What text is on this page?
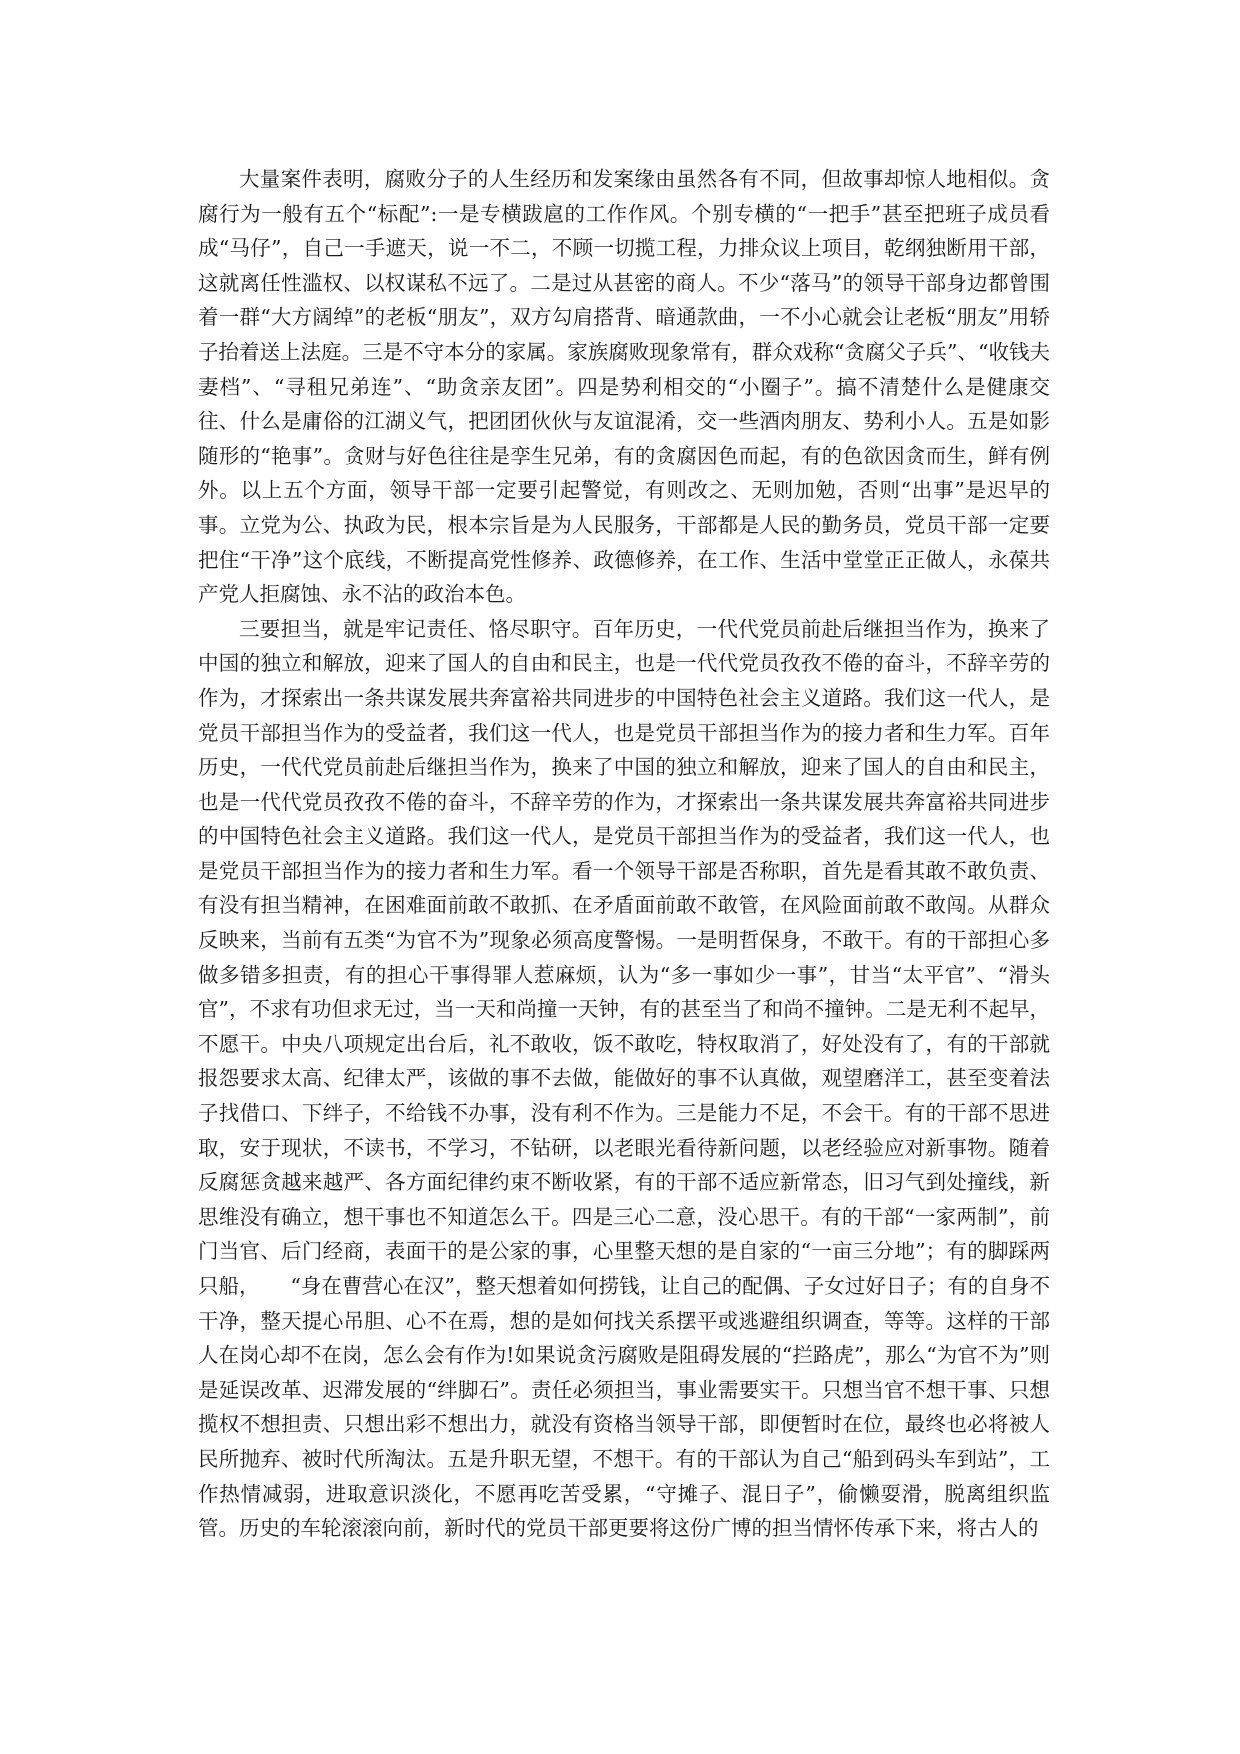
大量案件表明，腐败分子的人生经历和发案缘由虽然各有不同，但故事却惊人地相似。贪腐行为一般有五个“标配”:一是专横跋扈的工作作风。个别专横的“一把手”甚至把班子成员看成“马仔”，自己一手遮天，说一不二，不顾一切揽工程，力排众议上项目，乾纲独断用干部，这就离任性滥权、以权谋私不远了。二是过从甚密的商人。不少“落马”的领导干部身边都曾围着一群“大方阔绰”的老板“朋友”，双方勾肩搭背、暗通款曲，一不小心就会让老板“朋友”用轿子抬着送上法庭。三是不守本分的家属。家族腐败现象常有，群众戏称“贪腐父子兵”、“收钱夫妻档”、“寻租兄弟连”、“助贪亲友团”。四是势利相交的“小圈子”。搞不清楚什么是健康交往、什么是庸俗的江湖义气，把团团伙伙与友谊混淆，交一些酒肉朋友、势利小人。五是如影随形的“艳事”。贪财与好色往往是孪生兄弟，有的贪腐因色而起，有的色欲因贪而生，鲜有例外。以上五个方面，领导干部一定要引起警觉，有则改之、无则加勉，否则“出事”是迟早的事。立党为公、执政为民，根本宗旨是为人民服务，干部都是人民的勤务员，党员干部一定要把住“干净”这个底线，不断提高党性修养、政德修养，在工作、生活中堂堂正正做人，永葆共产党人拒腐蚀、永不沾的政治本色。

三要担当，就是牢记责任、恪尽职守。百年历史，一代代党员前赴后继担当作为，换来了中国的独立和解放，迎来了国人的自由和民主，也是一代代党员孜孜不倦的奋斗，不辞辛劳的作为，才探索出一条共谋发展共奔富裕共同进步的中国特色社会主义道路。我们这一代人，是党员干部担当作为的受益者，我们这一代人，也是党员干部担当作为的接力者和生力军。百年历史，一代代党员前赴后继担当作为，换来了中国的独立和解放，迎来了国人的自由和民主，也是一代代党员孜孜不倦的奋斗，不辞辛劳的作为，才探索出一条共谋发展共奔富裕共同进步的中国特色社会主义道路。我们这一代人，是党员干部担当作为的受益者，我们这一代人，也是党员干部担当作为的接力者和生力军。看一个领导干部是否称职，首先是看其敢不敢负责、有没有担当精神，在困难面前敢不敢抓、在矛盾面前敢不敢管，在风险面前敢不敢闯。从群众反映来，当前有五类“为官不为”现象必须高度警惕。一是明哲保身，不敢干。有的干部担心多做多错多担责，有的担心干事得罪人惹麻烦，认为“多一事如少一事”，甘当“太平官”、“滑头官”，不求有功但求无过，当一天和尚撞一天钟，有的甚至当了和尚不撞钟。二是无利不起早，不愿干。中央八项规定出台后，礼不敢收，饭不敢吃，特权取消了，好处没有了，有的干部就报怨要求太高、纪律太严，该做的事不去做，能做好的事不认真做，观望磨洋工，甚至变着法子找借口、下绊子，不给钱不办事，没有利不作为。三是能力不足，不会干。有的干部不思进取，安于现状，不读书，不学习，不钻研，以老眼光看待新问题，以老经验应对新事物。随着反腐惩贪越来越严、各方面纪律约束不断收紧，有的干部不适应新常态，旧习气到处撞线，新思维没有确立，想干事也不知道怎么干。四是三心二意，没心思干。有的干部“一家两制”，前门当官、后门经商，表面干的是公家的事，心里整天想的是自家的“一亩三分地”；有的脚踩两只船，　　“身在曹营心在汉”，整天想着如何捞钱，让自己的配偶、子女过好日子；有的自身不干净，整天提心吊胆、心不在焉，想的是如何找关系摆平或逃避组织调查，等等。这样的干部人在岗心却不在岗，怎么会有作为!如果说贪污腐败是阻碍发展的“拦路虎”，那么“为官不为”则是延误改革、迟滞发展的“绊脚石”。责任必须担当，事业需要实干。只想当官不想干事、只想揽权不想担责、只想出彩不想出力，就没有资格当领导干部，即便暂时在位，最终也必将被人民所抛弃、被时代所淘汰。五是升职无望，不想干。有的干部认为自己“船到码头车到站”，工作热情减弱，进取意识淡化，不愿再吃苦受累，“守摊子、混日子”，偷懒耍滑，脱离组织监管。历史的车轮滚滚向前，新时代的党员干部更要将这份广博的担当情怀传承下来，将古人的
